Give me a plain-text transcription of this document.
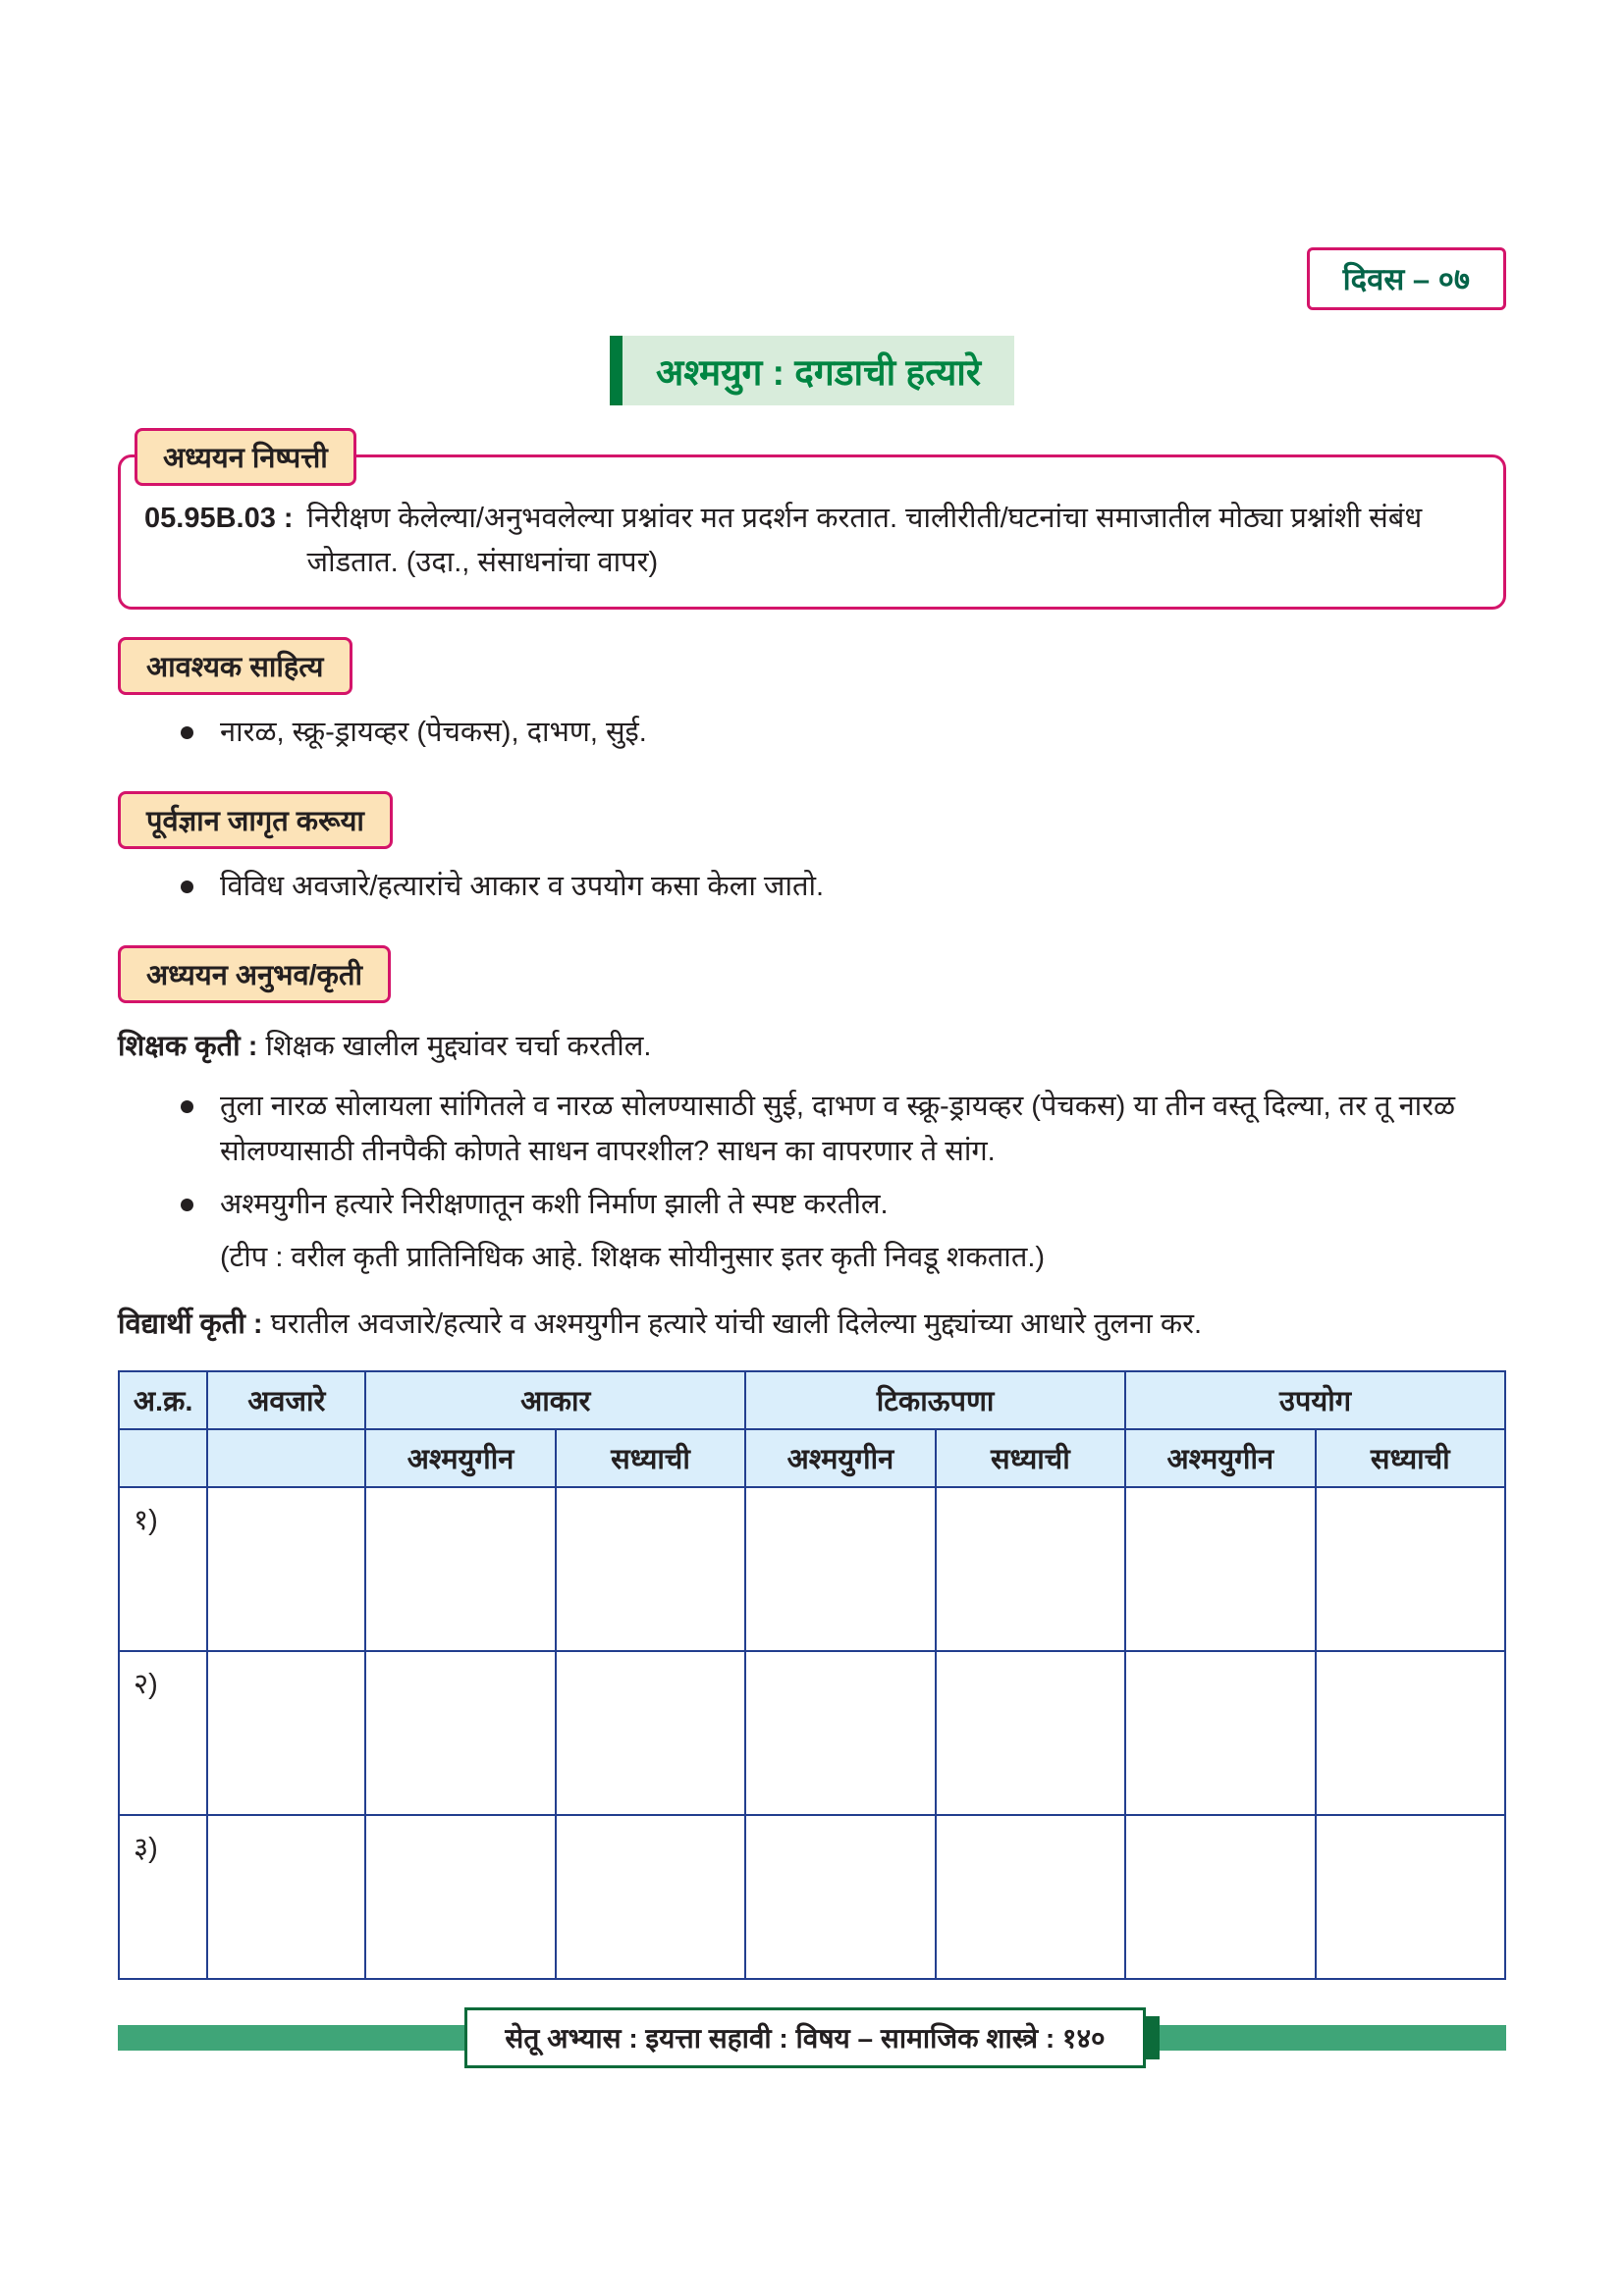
दिवस – ०७
अश्मयुग : दगडाची हत्यारे
अध्ययन निष्पत्ती
05.95B.03 : निरीक्षण केलेल्या/अनुभवलेल्या प्रश्नांवर मत प्रदर्शन करतात. चालीरीती/घटनांचा समाजातील मोठ्या प्रश्नांशी संबंध जोडतात. (उदा., संसाधनांचा वापर)
आवश्यक साहित्य
नारळ, स्क्रू-ड्रायव्हर (पेचकस), दाभण, सुई.
पूर्वज्ञान जागृत करूया
विविध अवजारे/हत्यारांचे आकार व उपयोग कसा केला जातो.
अध्ययन अनुभव/कृती
शिक्षक कृती : शिक्षक खालील मुद्द्यांवर चर्चा करतील.
तुला नारळ सोलायला सांगितले व नारळ सोलण्यासाठी सुई, दाभण व स्क्रू-ड्रायव्हर (पेचकस) या तीन वस्तू दिल्या, तर तू नारळ सोलण्यासाठी तीनपैकी कोणते साधन वापरशील? साधन का वापरणार ते सांग.
अश्मयुगीन हत्यारे निरीक्षणातून कशी निर्माण झाली ते स्पष्ट करतील.
(टीप : वरील कृती प्रातिनिधिक आहे. शिक्षक सोयीनुसार इतर कृती निवडू शकतात.)
विद्यार्थी कृती : घरातील अवजारे/हत्यारे व अश्मयुगीन हत्यारे यांची खाली दिलेल्या मुद्द्यांच्या आधारे तुलना कर.
अ.क्र.	अवजारे	आकार		टिकाऊपणा		उपयोग	
		अश्मयुगीन	सध्याची	अश्मयुगीन	सध्याची	अश्मयुगीन	सध्याची
१)							
२)							
३)							
सेतू अभ्यास : इयत्ता सहावी : विषय – सामाजिक शास्त्रे : १४०
